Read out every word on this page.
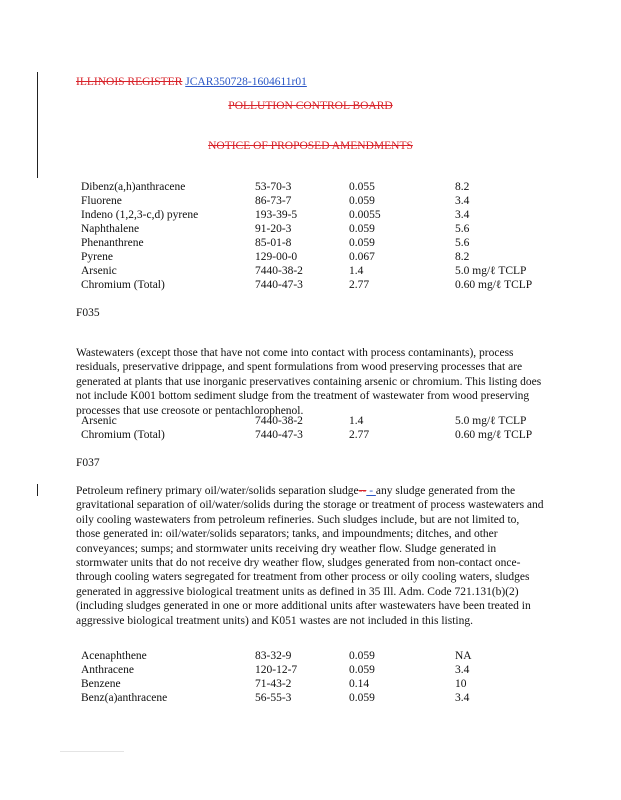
ILLINOIS REGISTER JCAR350728-1604611r01
POLLUTION CONTROL BOARD
NOTICE OF PROPOSED AMENDMENTS
Dibenz(a,h)anthracene	53-70-3	0.055	8.2
Fluorene	86-73-7	0.059	3.4
Indeno (1,2,3-c,d) pyrene	193-39-5	0.0055	3.4
Naphthalene	91-20-3	0.059	5.6
Phenanthrene	85-01-8	0.059	5.6
Pyrene	129-00-0	0.067	8.2
Arsenic	7440-38-2	1.4	5.0 mg/ℓ TCLP
Chromium (Total)	7440-47-3	2.77	0.60 mg/ℓ TCLP
F035
Wastewaters (except those that have not come into contact with process contaminants), process residuals, preservative drippage, and spent formulations from wood preserving processes that are generated at plants that use inorganic preservatives containing arsenic or chromium. This listing does not include K001 bottom sediment sludge from the treatment of wastewater from wood preserving processes that use creosote or pentachlorophenol.
Arsenic	7440-38-2	1.4	5.0 mg/ℓ TCLP
Chromium (Total)	7440-47-3	2.77	0.60 mg/ℓ TCLP
F037
Petroleum refinery primary oil/water/solids separation sludge-- - any sludge generated from the gravitational separation of oil/water/solids during the storage or treatment of process wastewaters and oily cooling wastewaters from petroleum refineries. Such sludges include, but are not limited to, those generated in: oil/water/solids separators; tanks, and impoundments; ditches, and other conveyances; sumps; and stormwater units receiving dry weather flow. Sludge generated in stormwater units that do not receive dry weather flow, sludges generated from non-contact once-through cooling waters segregated for treatment from other process or oily cooling waters, sludges generated in aggressive biological treatment units as defined in 35 Ill. Adm. Code 721.131(b)(2) (including sludges generated in one or more additional units after wastewaters have been treated in aggressive biological treatment units) and K051 wastes are not included in this listing.
Acenaphthene	83-32-9	0.059	NA
Anthracene	120-12-7	0.059	3.4
Benzene	71-43-2	0.14	10
Benz(a)anthracene	56-55-3	0.059	3.4
